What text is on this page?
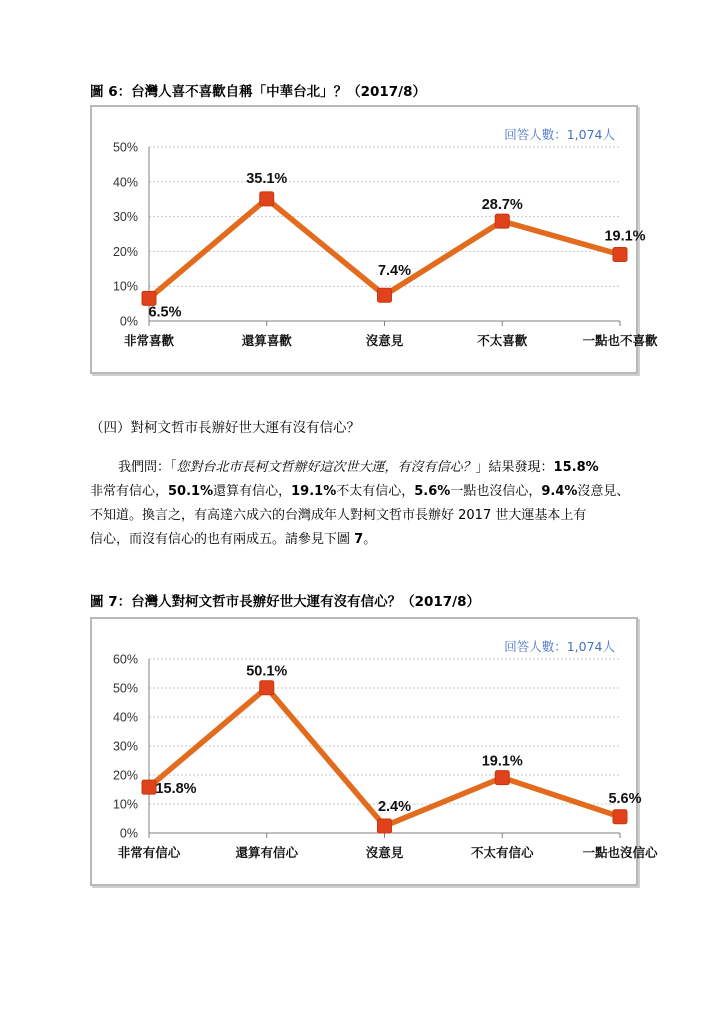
圖 6：台灣人喜不喜歡自稱「中華台北」？（2017/8）
回答人數：1,074人
0%
10%
20%
30%
40%
50%
非常喜歡	還算喜歡	沒意見	不太喜歡	一點也不喜歡
6.5%
35.1%
7.4%
28.7%
19.1%
（四）對柯文哲市長辦好世大運有沒有信心？
我們問：「您對台北市長柯文哲辦好這次世大運，有沒有信心？」結果發現：15.8%
非常有信心，50.1%還算有信心，19.1%不太有信心，5.6%一點也沒信心，9.4%沒意見、
不知道。換言之，有高達六成六的台灣成年人對柯文哲市長辦好 2017 世大運基本上有
信心，而沒有信心的也有兩成五。請參見下圖 7。
圖 7：台灣人對柯文哲市長辦好世大運有沒有信心？（2017/8）
回答人數：1,074人
0%
10%
20%
30%
40%
50%
60%
非常有信心	還算有信心	沒意見	不太有信心	一點也沒信心
15.8%
50.1%
2.4%
19.1%
5.6%
